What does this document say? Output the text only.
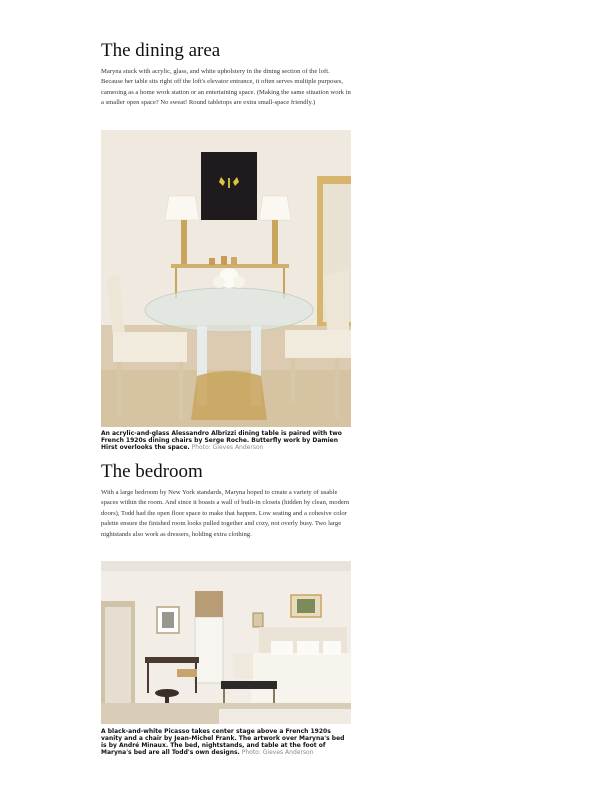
The dining area

Maryna stuck with acrylic, glass, and white upholstery in the dining section of the loft. Because her table sits right off the loft's elevator entrance, it often serves multiple purposes, cameoing as a home work station or an entertaining space. (Making the same situation work in a smaller open space? No sweat! Round tabletops are extra small-space friendly.)

An acrylic-and-glass Alessandro Albrizzi dining table is paired with two French 1920s dining chairs by Serge Roche. Butterfly work by Damien Hirst overlooks the space. Photo: Gieves Anderson

The bedroom

With a large bedroom by New York standards, Maryna hoped to create a variety of usable spaces within the room. And since it boasts a wall of built-in closets (hidden by clean, modern doors), Todd had the open floor space to make that happen. Low seating and a cohesive color palette ensure the finished room looks pulled together and cozy, not overly busy. Two large nightstands also work as dressers, holding extra clothing.

A black-and-white Picasso takes center stage above a French 1920s vanity and a chair by Jean-Michel Frank. The artwork over Maryna's bed is by André Minaux. The bed, nightstands, and table at the foot of Maryna's bed are all Todd's own designs. Photo: Gieves Anderson
